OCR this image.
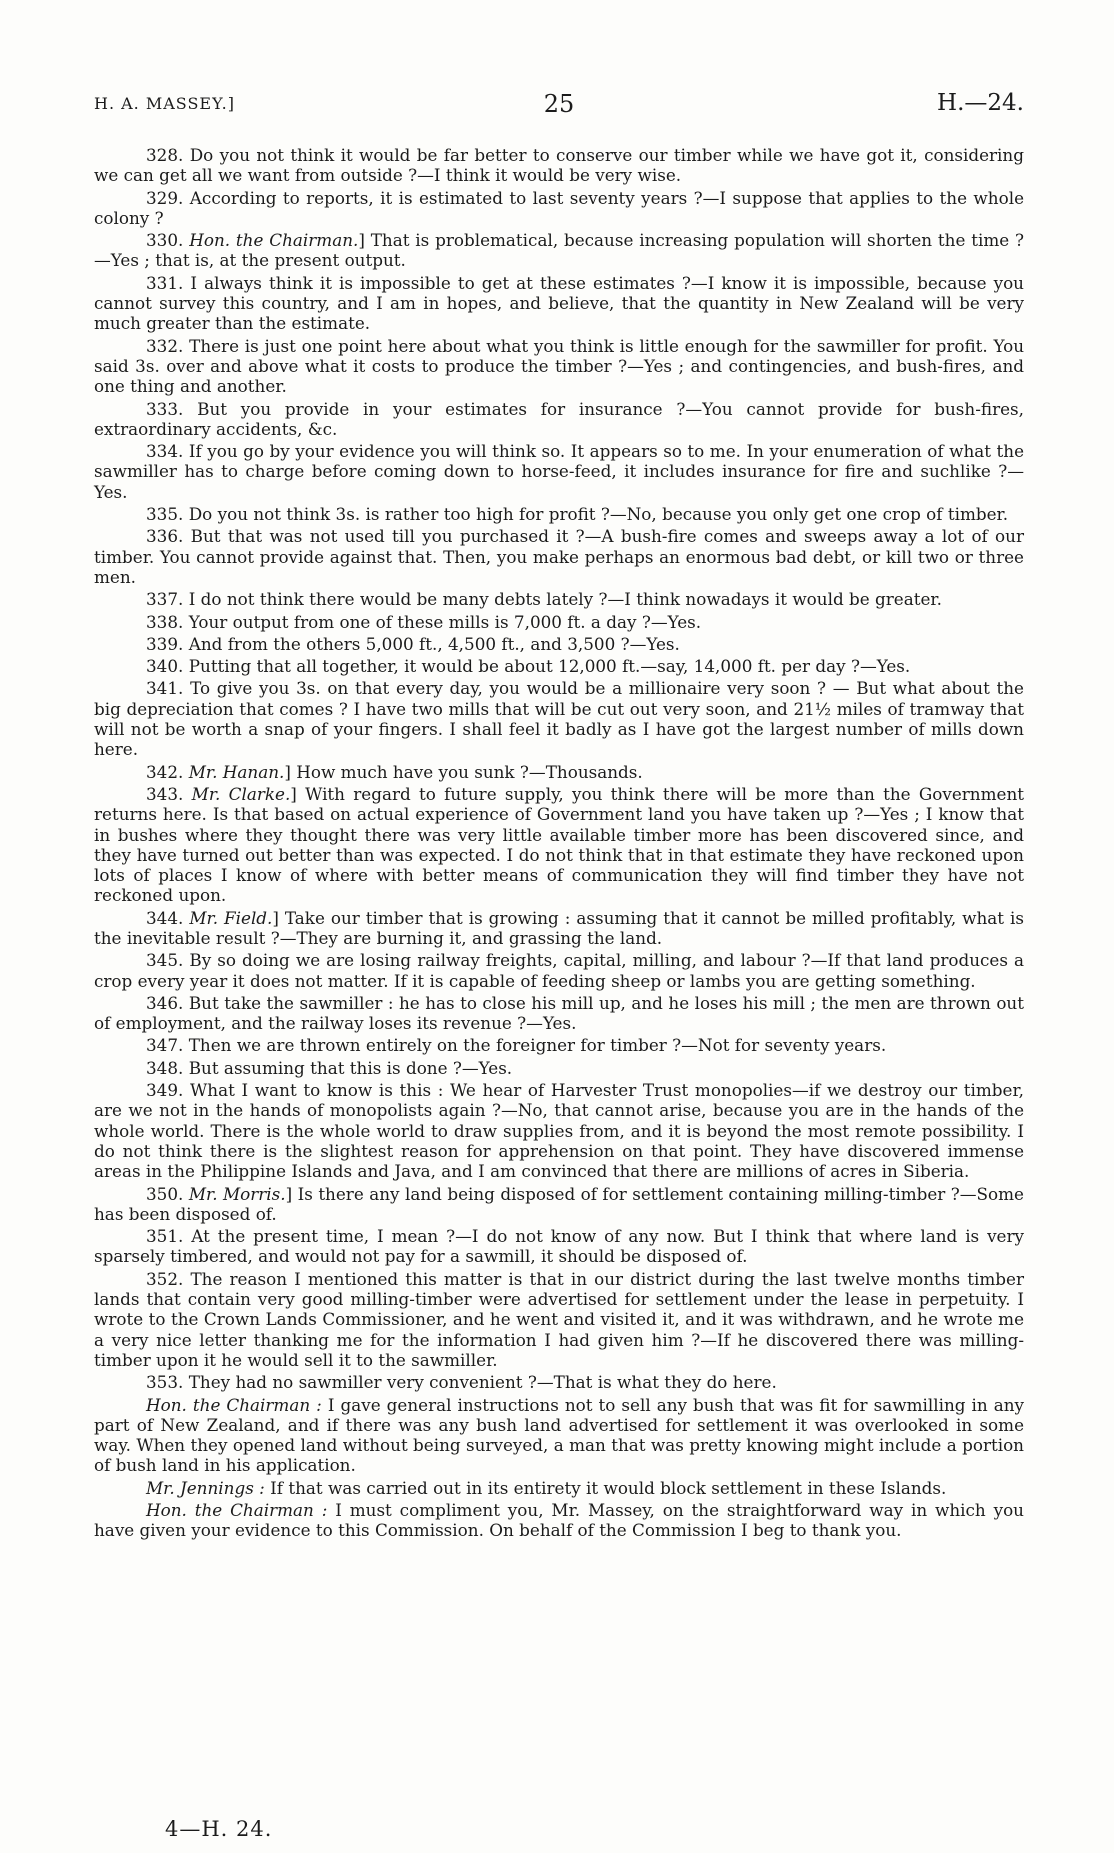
H. A. MASSEY.]	25	H.—24.

328. Do you not think it would be far better to conserve our timber while we have got it, considering we can get all we want from outside ?—I think it would be very wise.

329. According to reports, it is estimated to last seventy years ?—I suppose that applies to the whole colony ?

330. Hon. the Chairman.] That is problematical, because increasing population will shorten the time ?—Yes ; that is, at the present output.

331. I always think it is impossible to get at these estimates ?—I know it is impossible, because you cannot survey this country, and I am in hopes, and believe, that the quantity in New Zealand will be very much greater than the estimate.

332. There is just one point here about what you think is little enough for the sawmiller for profit. You said 3s. over and above what it costs to produce the timber ?—Yes ; and contingencies, and bush-fires, and one thing and another.

333. But you provide in your estimates for insurance ?—You cannot provide for bush-fires, extraordinary accidents, &c.

334. If you go by your evidence you will think so. It appears so to me. In your enumeration of what the sawmiller has to charge before coming down to horse-feed, it includes insurance for fire and suchlike ?—Yes.

335. Do you not think 3s. is rather too high for profit ?—No, because you only get one crop of timber.

336. But that was not used till you purchased it ?—A bush-fire comes and sweeps away a lot of our timber. You cannot provide against that. Then, you make perhaps an enormous bad debt, or kill two or three men.

337. I do not think there would be many debts lately ?—I think nowadays it would be greater.

338. Your output from one of these mills is 7,000 ft. a day ?—Yes.

339. And from the others 5,000 ft., 4,500 ft., and 3,500 ?—Yes.

340. Putting that all together, it would be about 12,000 ft.—say, 14,000 ft. per day ?—Yes.

341. To give you 3s. on that every day, you would be a millionaire very soon ? — But what about the big depreciation that comes ? I have two mills that will be cut out very soon, and 21½ miles of tramway that will not be worth a snap of your fingers. I shall feel it badly as I have got the largest number of mills down here.

342. Mr. Hanan.] How much have you sunk ?—Thousands.

343. Mr. Clarke.] With regard to future supply, you think there will be more than the Government returns here. Is that based on actual experience of Government land you have taken up ?—Yes ; I know that in bushes where they thought there was very little available timber more has been discovered since, and they have turned out better than was expected. I do not think that in that estimate they have reckoned upon lots of places I know of where with better means of communication they will find timber they have not reckoned upon.

344. Mr. Field.] Take our timber that is growing : assuming that it cannot be milled profitably, what is the inevitable result ?—They are burning it, and grassing the land.

345. By so doing we are losing railway freights, capital, milling, and labour ?—If that land produces a crop every year it does not matter. If it is capable of feeding sheep or lambs you are getting something.

346. But take the sawmiller : he has to close his mill up, and he loses his mill ; the men are thrown out of employment, and the railway loses its revenue ?—Yes.

347. Then we are thrown entirely on the foreigner for timber ?—Not for seventy years.

348. But assuming that this is done ?—Yes.

349. What I want to know is this : We hear of Harvester Trust monopolies—if we destroy our timber, are we not in the hands of monopolists again ?—No, that cannot arise, because you are in the hands of the whole world. There is the whole world to draw supplies from, and it is beyond the most remote possibility. I do not think there is the slightest reason for apprehension on that point. They have discovered immense areas in the Philippine Islands and Java, and I am convinced that there are millions of acres in Siberia.

350. Mr. Morris.] Is there any land being disposed of for settlement containing milling-timber ?—Some has been disposed of.

351. At the present time, I mean ?—I do not know of any now. But I think that where land is very sparsely timbered, and would not pay for a sawmill, it should be disposed of.

352. The reason I mentioned this matter is that in our district during the last twelve months timber lands that contain very good milling-timber were advertised for settlement under the lease in perpetuity. I wrote to the Crown Lands Commissioner, and he went and visited it, and it was withdrawn, and he wrote me a very nice letter thanking me for the information I had given him ?—If he discovered there was milling-timber upon it he would sell it to the sawmiller.

353. They had no sawmiller very convenient ?—That is what they do here.

Hon. the Chairman : I gave general instructions not to sell any bush that was fit for sawmilling in any part of New Zealand, and if there was any bush land advertised for settlement it was overlooked in some way. When they opened land without being surveyed, a man that was pretty knowing might include a portion of bush land in his application.

Mr. Jennings : If that was carried out in its entirety it would block settlement in these Islands.

Hon. the Chairman : I must compliment you, Mr. Massey, on the straightforward way in which you have given your evidence to this Commission. On behalf of the Commission I beg to thank you.

4—H. 24.
